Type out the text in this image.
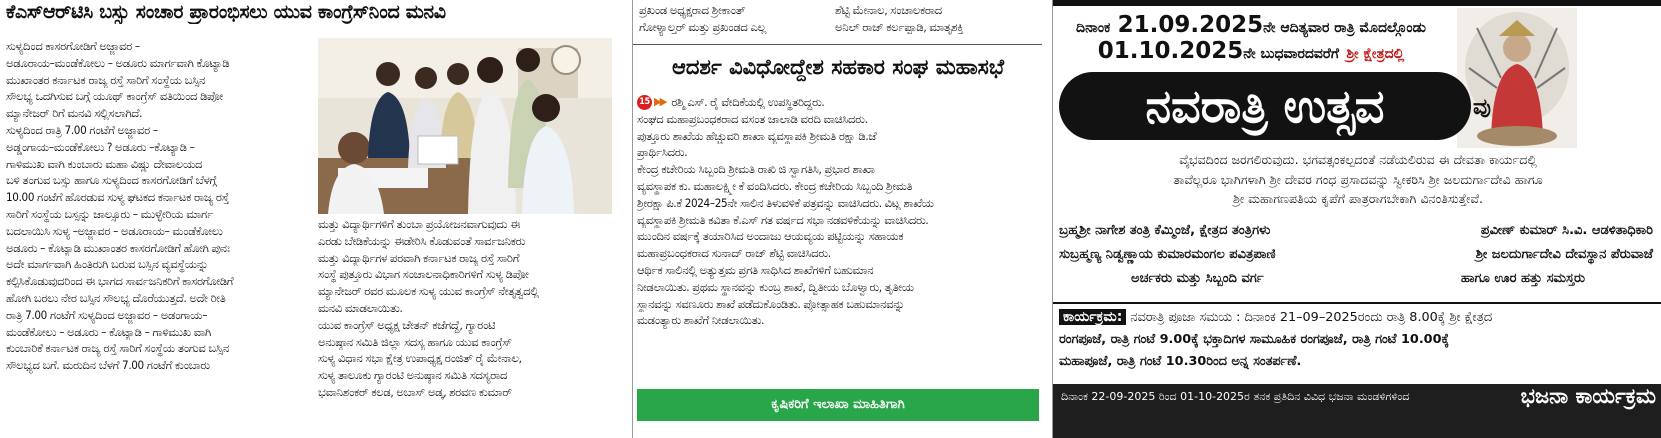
ಕೆಎಸ್‌ಆರ್‌ಟಿಸಿ ಬಸ್ಸು ಸಂಚಾರ ಪ್ರಾರಂಭಿಸಲು ಯುವ ಕಾಂಗ್ರೆಸ್‌ನಿಂದ ಮನವಿ

ಸುಳ್ಯದಿಂದ ಕಾಸರಗೋಡಿಗೆ ಅಜ್ಜಾವರ –

ಅಡೂರಾಯ–ಮಂಡೆಕೋಲು – ಅಡೂರು ಮಾರ್ಗವಾಗಿ ಕೊಟ್ಯಾಡಿ

ಮುಖಾಂತರ ಕರ್ನಾಟಕ ರಾಜ್ಯ ರಸ್ತೆ ಸಾರಿಗೆ ಸಂಸ್ಥೆಯ ಬಸ್ಸಿನ

ಸೌಲಭ್ಯ ಒದಗಿಸುವ ಬಗ್ಗೆ ಯೂಥ್ ಕಾಂಗ್ರೆಸ್ ವತಿಯಿಂದ ಡಿಪೋ

ಮ್ಯಾನೇಜರ್ ರಿಗೆ ಮನವಿ ಸಲ್ಲಿಸಲಾಗಿದೆ.

ಸುಳ್ಯದಿಂದ ರಾತ್ರಿ 7.00 ಗಂಟೆಗೆ ಅಜ್ಜಾವರ –

ಅಡ್ಡಂಗಾಯ–ಮಂಡೆಕೋಲು ? ಅಡೂರು –ಕೊಟ್ಯಾಡಿ –

ಗಾಳಿಮುಖ ವಾಗಿ ಕುಂಬಾರು ಮಹಾ ವಿಷ್ಣು ದೇವಾಲಯದ

ಬಳಿ ತಂಗುವ ಬಸ್ಸು ಹಾಗೂ ಸುಳ್ಯದಿಂದ ಕಾಸರಗೋಡಿಗೆ ಬೆಳಗ್ಗೆ

10.00 ಗಂಟೆಗೆ ಹೊರಡುವ ಸುಳ್ಯ ಘಟಕದ ಕರ್ನಾಟಕ ರಾಜ್ಯ ರಸ್ತೆ

ಸಾರಿಗೆ ಸಂಸ್ಥೆಯ ಬಸ್ಸನ್ನು ಜಾಲ್ಸೂರು – ಮುಳ್ಳೇರಿಯ ಮಾರ್ಗ

ಬದಲಾಯಿಸಿ ಸುಳ್ಯ –ಅಜ್ಜಾವರ – ಅಡೂರಾಯ– ಮಂಡೆಕೋಲು

ಅಡೂರು – ಕೊಟ್ಯಾಡಿ ಮುಖಾಂತರ ಕಾಸರಗೋಡಿಗೆ ಹೋಗಿ ಪುನಃ

ಅದೇ ಮಾರ್ಗವಾಗಿ ಹಿಂತಿರುಗಿ ಬರುವ ಬಸ್ಸಿನ ವ್ಯವಸ್ಥೆಯನ್ನು

ಕಲ್ಪಿಸಿಕೊಡುವುದರಿಂದ ಈ ಭಾಗದ ಸಾರ್ವಜನಿಕರಿಗೆ ಕಾಸರಗೋಡಿಗೆ

ಹೋಗಿ ಬರಲು ನೇರ ಬಸ್ಸಿನ ಸೌಲಭ್ಯ ದೊರೆಯುತ್ತದೆ. ಅದೇ ರೀತಿ

ರಾತ್ರಿ 7.00 ಗಂಟೆಗೆ ಸುಳ್ಯದಿಂದ ಅಜ್ಜಾವರ – ಅಡಂಗಾಯ–

ಮಂಡೆಕೋಲು – ಅಡೂರು – ಕೊಟ್ಯಾಡಿ – ಗಾಳಿಮುಖ ವಾಗಿ

ಕುಂಬಾರಿಕೆ ಕರ್ನಾಟಕ ರಾಜ್ಯ ರಸ್ತೆ ಸಾರಿಗೆ ಸಂಸ್ಥೆಯ ತಂಗುವ ಬಸ್ಸಿನ

ಸೌಲಭ್ಯದ ಬಗೆ. ಮರುದಿನ ಬೆಳಗೆ 7.00 ಗಂಟೆಗೆ ಕುಂಬಾರು

ಮತ್ತು ವಿದ್ಯಾರ್ಥಿಗಳಿಗೆ ತುಂಬಾ ಪ್ರಯೋಜನವಾಗುವುದು ಈ

ಎರಡು ಬೇಡಿಕೆಯನ್ನು ಈಡೇರಿಸಿ ಕೊಡುವಂತೆ ಸಾರ್ವಜನಿಕರು

ಮತ್ತು ವಿದ್ಯಾರ್ಥಿಗಳ ಪರವಾಗಿ ಕರ್ನಾಟಕ ರಾಜ್ಯ ರಸ್ತೆ ಸಾರಿಗೆ

ಸಂಸ್ಥೆ ಪುತ್ತೂರು ವಿಭಾಗ ಸಂಚಾಲನಾಧಿಕಾರಿಗಳಿಗೆ ಸುಳ್ಯ ಡಿಪೋ

ಮ್ಯಾನೇಜರ್ ರವರ ಮೂಲಕ ಸುಳ್ಯ ಯುವ ಕಾಂಗ್ರೆಸ್ ನೇತೃತ್ವದಲ್ಲಿ

ಮನವಿ ಮಾಡಲಾಯಿತು.

ಯುವ ಕಾಂಗ್ರೆಸ್ ಅಧ್ಯಕ್ಷ ಚೇತನ್ ಕಜೆಗದ್ದೆ, ಗ್ಯಾರಂಟಿ

ಅನುಷ್ಠಾನ ಸಮಿತಿ ಜಿಲ್ಲಾ ಸದಸ್ಯ ಹಾಗೂ ಯುವ ಕಾಂಗ್ರೆಸ್

ಸುಳ್ಯ ವಿಧಾನ ಸಭಾ ಕ್ಷೇತ್ರ ಉಪಾಧ್ಯಕ್ಷ ರಂಜಿತ್ ರೈ ಮೇನಾಲ,

ಸುಳ್ಯ ತಾಲೂಕು ಗ್ಯಾರಂಟಿ ಅನುಷ್ಠಾನ ಸಮಿತಿ ಸದಸ್ಯರಾದ

ಭವಾನಿಶಂಕರ್ ಕಲಡ, ಅಬಾಸ್ ಅಡ್ಕ, ಶರವಣ ಕುಮಾರ್

ಪ್ರಖಂಡ ಅಧ್ಯಕ್ಷರಾದ ಶ್ರೀಕಾಂತ್	ಶೆಟ್ಟಿ ಮೇನಾಲ, ಸಂಚಾಲಕರಾದ

ಗೋಳ್ಯಾಲ್ತರ್ ಮತ್ತು ಪ್ರಖಂಡದ ಎಲ್ಲ	ಅನಿಲ್ ರಾಜ್ ಕರ್ಲಪ್ಪಾಡಿ, ಮಾತೃಶಕ್ತಿ

ಆದರ್ಶ ವಿವಿಧೋದ್ದೇಶ ಸಹಕಾರ ಸಂಘ ಮಹಾಸಭೆ

15 ▶▶ ರಶ್ಮಿ ಎಸ್. ರೈ ವೇದಿಕೆಯಲ್ಲಿ ಉಪಸ್ಥಿತರಿದ್ದರು.

ಸಂಘದ ಮಹಾಪ್ರಬಂಧಕರಾದ ವಸಂತ ಜಾಲಾಡಿ ವರದಿ ವಾಚಿಸಿದರು.

ಪುತ್ತೂರು ಶಾಖೆಯ ಹೆಚ್ಚುವರಿ ಶಾಖಾ ವ್ಯವಸ್ಥಾಪಕಿ ಶ್ರೀಮತಿ ರಕ್ಷಾ ಡಿ.ಜೆ

ಪ್ರಾರ್ಥಿಸಿದರು.

ಕೇಂದ್ರ ಕಚೇರಿಯ ಸಿಬ್ಬಂದಿ ಶ್ರೀಮತಿ ರಾಖಿ ಜಿ ಸ್ವಾಗತಿಸಿ, ಪ್ರಭಾರ ಶಾಖಾ

ವ್ಯವಸ್ಥಾಪಕ ಕು. ಮಹಾಲಕ್ಷ್ಮೀ ಕೆ ವಂದಿಸಿದರು. ಕೇಂದ್ರ ಕಚೇರಿಯ ಸಿಬ್ಬಂದಿ ಶ್ರೀಮತಿ

ಶ್ರೀರಕ್ಷಾ ಪಿ.ಕೆ 2024–25ನೇ ಸಾಲಿನ ತಿಳುವಳಿಕೆ ಪತ್ರವನ್ನು ವಾಚಿಸಿದರು. ವಿಟ್ಲ ಶಾಖೆಯ

ವ್ಯವಸ್ಥಾಪಕಿ ಶ್ರೀಮತಿ ಕವಿತಾ ಕೆ.ಎಸ್ ಗತ ವರ್ಷದ ಸಭಾ ನಡವಳಿಕೆಯನ್ನು ವಾಚಿಸಿದರು.

ಮುಂದಿನ ವರ್ಷಕ್ಕೆ ತಯಾರಿಸಿದ ಅಂದಾಜು ಆಯವ್ಯಯ ಪಟ್ಟಿಯನ್ನು ಸಹಾಯಕ

ಮಹಾಪ್ರಬಂಧಕರಾದ ಸುನಾದ್ ರಾಜ್ ಶೆಟ್ಟಿ ವಾಚಿಸಿದರು.

ಆರ್ಥಿಕ ಸಾಲಿನಲ್ಲಿ ಅತ್ಯುತ್ತಮ ಪ್ರಗತಿ ಸಾಧಿಸಿದ ಶಾಖೆಗಳಿಗೆ ಬಹುಮಾನ

ನೀಡಲಾಯಿತು. ಪ್ರಥಮ ಸ್ಥಾನವನ್ನು ಕುಂಬ್ರ ಶಾಖೆ, ದ್ವಿತೀಯ ಬೊಳ್ವಾರು, ತೃತೀಯ

ಸ್ಥಾನವನ್ನು ಸವಣೂರು ಶಾಖೆ ಪಡೆದುಕೊಂಡಿತು. ಪ್ರೋತ್ಸಾಹಕ ಬಹುಮಾನವನ್ನು

ಮಡಂತ್ಯಾರು ಶಾಖೆಗೆ ನೀಡಲಾಯಿತು.

ಕೃಷಿಕರಿಗೆ ಇಲಾಖಾ ಮಾಹಿತಿಗಾಗಿ
ದಿನಾಂಕ 21.09.2025ನೇ ಆದಿತ್ಯವಾರ ರಾತ್ರಿ ಮೊದಲ್ಗೊಂಡು
01.10.2025ನೇ ಬುಧವಾರದವರೆಗೆ ಶ್ರೀ ಕ್ಷೇತ್ರದಲ್ಲಿ
ನವರಾತ್ರಿ ಉತ್ಸವ	ವು

ವೈಭವದಿಂದ ಜರಗಲಿರುವುದು. ಭಗವತ್ಸಂಕಲ್ಪದಂತೆ ನಡೆಯಲಿರುವ ಈ ದೇವತಾ ಕಾರ್ಯದಲ್ಲಿ

ತಾವೆಲ್ಲರೂ ಭಾಗಿಗಳಾಗಿ ಶ್ರೀ ದೇವರ ಗಂಧ ಪ್ರಸಾದವನ್ನು ಸ್ವೀಕರಿಸಿ ಶ್ರೀ ಜಲದುರ್ಗಾದೇವಿ ಹಾಗೂ

ಶ್ರೀ ಮಹಾಗಣಪತಿಯ ಕೃಪೆಗೆ ಪಾತ್ರರಾಗಬೇಕಾಗಿ ವಿನಂತಿಸುತ್ತೇವೆ.

ಬ್ರಹ್ಮಶ್ರೀ ನಾಗೇಶ ತಂತ್ರಿ ಕೆಮ್ಮಿಂಜೆ, ಕ್ಷೇತ್ರದ ತಂತ್ರಿಗಳು	ಪ್ರವೀಣ್ ಕುಮಾರ್ ಸಿ.ವಿ. ಆಡಳಿತಾಧಿಕಾರಿ
ಸುಬ್ರಹ್ಮಣ್ಯ ನಿಡ್ವಣ್ಣಾಯ ಕುಮಾರಮಂಗಲ ಪವಿತ್ರಪಾಣಿ	ಶ್ರೀ ಜಲದುರ್ಗಾದೇವಿ ದೇವಸ್ಥಾನ ಪೆರುವಾಜೆ
ಅರ್ಚಕರು ಮತ್ತು ಸಿಬ್ಬಂದಿ ವರ್ಗ	ಹಾಗೂ ಊರ ಹತ್ತು ಸಮಸ್ತರು

ಕಾರ್ಯಕ್ರಮ: ನವರಾತ್ರಿ ಪೂಜಾ ಸಮಯ : ದಿನಾಂಕ 21–09–2025ರಂದು ರಾತ್ರಿ 8.00ಕ್ಕೆ ಶ್ರೀ ಕ್ಷೇತ್ರದ

ರಂಗಪೂಜೆ, ರಾತ್ರಿ ಗಂಟೆ 9.00ಕ್ಕೆ ಭಕ್ತಾದಿಗಳ ಸಾಮೂಹಿಕ ರಂಗಪೂಜೆ, ರಾತ್ರಿ ಗಂಟೆ 10.00ಕ್ಕೆ

ಮಹಾಪೂಜೆ, ರಾತ್ರಿ ಗಂಟೆ 10.30ರಿಂದ ಅನ್ನ ಸಂತರ್ಪಣೆ.

ದಿನಾಂಕ 22-09-2025 ರಿಂದ 01-10-2025ರ ತನಕ ಪ್ರತಿದಿನ ವಿವಿಧ ಭಜನಾ ಮಂಡಳಿಗಳಿಂದ	ಭಜನಾ ಕಾರ್ಯಕ್ರಮ
